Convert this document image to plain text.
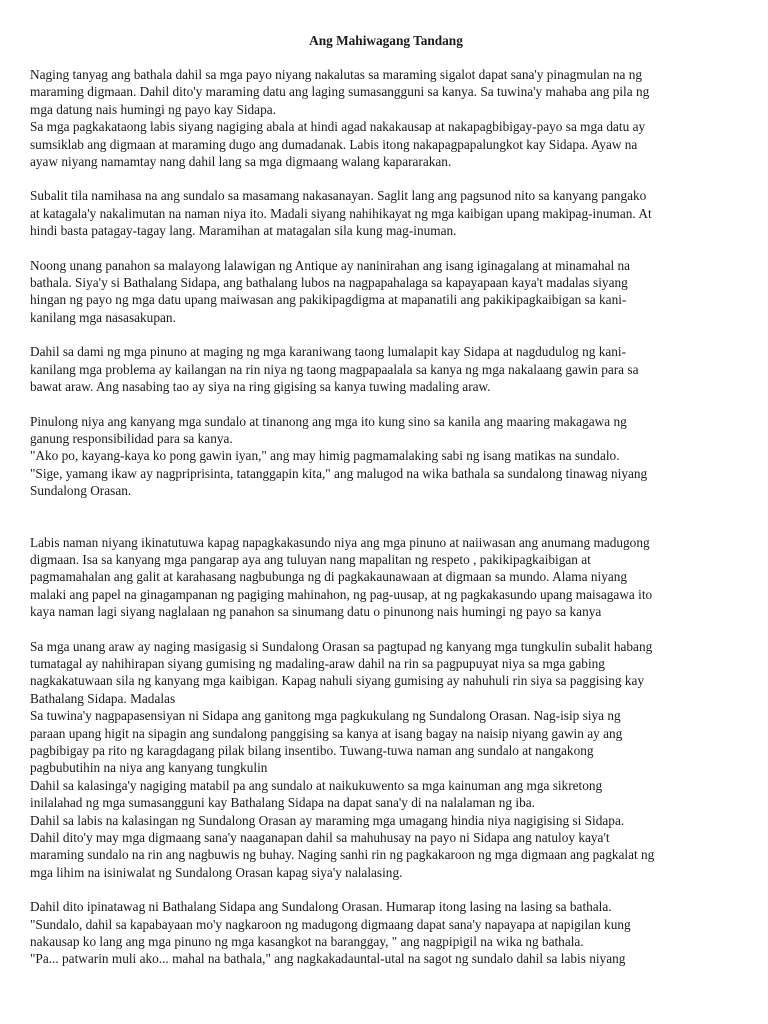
Ang Mahiwagang Tandang
Naging tanyag ang bathala dahil sa mga payo niyang nakalutas sa maraming sigalot dapat sana'y pinagmulan na ng
maraming digmaan. Dahil dito'y maraming datu ang laging sumasangguni sa kanya. Sa tuwina'y mahaba ang pila ng
mga datung nais humingi ng payo kay Sidapa.
Sa mga pagkakataong labis siyang nagiging abala at hindi agad nakakausap at nakapagbibigay-payo sa mga datu ay
sumsiklab ang digmaan at maraming dugo ang dumadanak. Labis itong nakapagpapalungkot kay Sidapa. Ayaw na
ayaw niyang namamtay nang dahil lang sa mga digmaang walang kapararakan.
Subalit tila namihasa na ang sundalo sa masamang nakasanayan. Saglit lang ang pagsunod nito sa kanyang pangako
at katagala'y nakalimutan na naman niya ito. Madali siyang nahihikayat ng mga kaibigan upang makipag-inuman. At
hindi basta patagay-tagay lang. Maramihan at matagalan sila kung mag-inuman.
Noong unang panahon sa malayong lalawigan ng Antique ay naninirahan ang isang iginagalang at minamahal na
bathala. Siya'y si Bathalang Sidapa, ang bathalang lubos na nagpapahalaga sa kapayapaan kaya't madalas siyang
hingan ng payo ng mga datu upang maiwasan ang pakikipagdigma at mapanatili ang pakikipagkaibigan sa kani-
kanilang mga nasasakupan.
Dahil sa dami ng mga pinuno at maging ng mga karaniwang taong lumalapit kay Sidapa at nagdudulog ng kani-
kanilang mga problema ay kailangan na rin niya ng taong magpapaalala sa kanya ng mga nakalaang gawin para sa
bawat araw. Ang nasabing tao ay siya na ring gigising sa kanya tuwing madaling araw.
Pinulong niya ang kanyang mga sundalo at tinanong ang mga ito kung sino sa kanila ang maaring makagawa ng
ganung responsibilidad para sa kanya.
"Ako po, kayang-kaya ko pong gawin iyan," ang may himig pagmamalaking sabi ng isang matikas na sundalo.
"Sige, yamang ikaw ay nagpriprisinta, tatanggapin kita," ang malugod na wika bathala sa sundalong tinawag niyang
Sundalong Orasan.
Labis naman niyang ikinatutuwa kapag napagkakasundo niya ang mga pinuno at naiiwasan ang anumang madugong
digmaan. Isa sa kanyang mga pangarap aya ang tuluyan nang mapalitan ng respeto , pakikipagkaibigan at
pagmamahalan ang galit at karahasang nagbubunga ng di pagkakaunawaan at digmaan sa mundo. Alama niyang
malaki ang papel na ginagampanan ng pagiging mahinahon, ng pag-uusap, at ng pagkakasundo upang maisagawa ito
kaya naman lagi siyang naglalaan ng panahon sa sinumang datu o pinunong nais humingi ng payo sa kanya
Sa mga unang araw ay naging masigasig si Sundalong Orasan sa pagtupad ng kanyang mga tungkulin subalit habang
tumatagal ay nahihirapan siyang gumising ng madaling-araw dahil na rin sa pagpupuyat niya sa mga gabing
nagkakatuwaan sila ng kanyang mga kaibigan. Kapag nahuli siyang gumising ay nahuhuli rin siya sa paggising kay
Bathalang Sidapa. Madalas
Sa tuwina'y nagpapasensiyan ni Sidapa ang ganitong mga pagkukulang ng Sundalong Orasan. Nag-isip siya ng
paraan upang higit na sipagin ang sundalong panggising sa kanya at isang bagay na naisip niyang gawin ay ang
pagbibigay pa rito ng karagdagang pilak bilang insentibo. Tuwang-tuwa naman ang sundalo at nangakong
pagbubutihin na niya ang kanyang tungkulin
Dahil sa kalasinga'y nagiging matabil pa ang sundalo at naikukuwento sa mga kainuman ang mga sikretong
inilalahad ng mga sumasangguni kay Bathalang Sidapa na dapat sana'y di na nalalaman ng iba.
Dahil sa labis na kalasingan ng Sundalong Orasan ay maraming mga umagang hindia niya nagigising si Sidapa.
Dahil dito'y may mga digmaang sana'y naaganapan dahil sa mahuhusay na payo ni Sidapa ang natuloy kaya't
maraming sundalo na rin ang nagbuwis ng buhay. Naging sanhi rin ng pagkakaroon ng mga digmaan ang pagkalat ng
mga lihim na isiniwalat ng Sundalong Orasan kapag siya'y nalalasing.
Dahil dito ipinatawag ni Bathalang Sidapa ang Sundalong Orasan. Humarap itong lasing na lasing sa bathala.
"Sundalo, dahil sa kapabayaan mo'y nagkaroon ng madugong digmaang dapat sana'y napayapa at napigilan kung
nakausap ko lang ang mga pinuno ng mga kasangkot na baranggay, " ang nagpipigil na wika ng bathala.
"Pa... patwarin muli ako... mahal na bathala," ang nagkakadauntal-utal na sagot ng sundalo dahil sa labis niyang
